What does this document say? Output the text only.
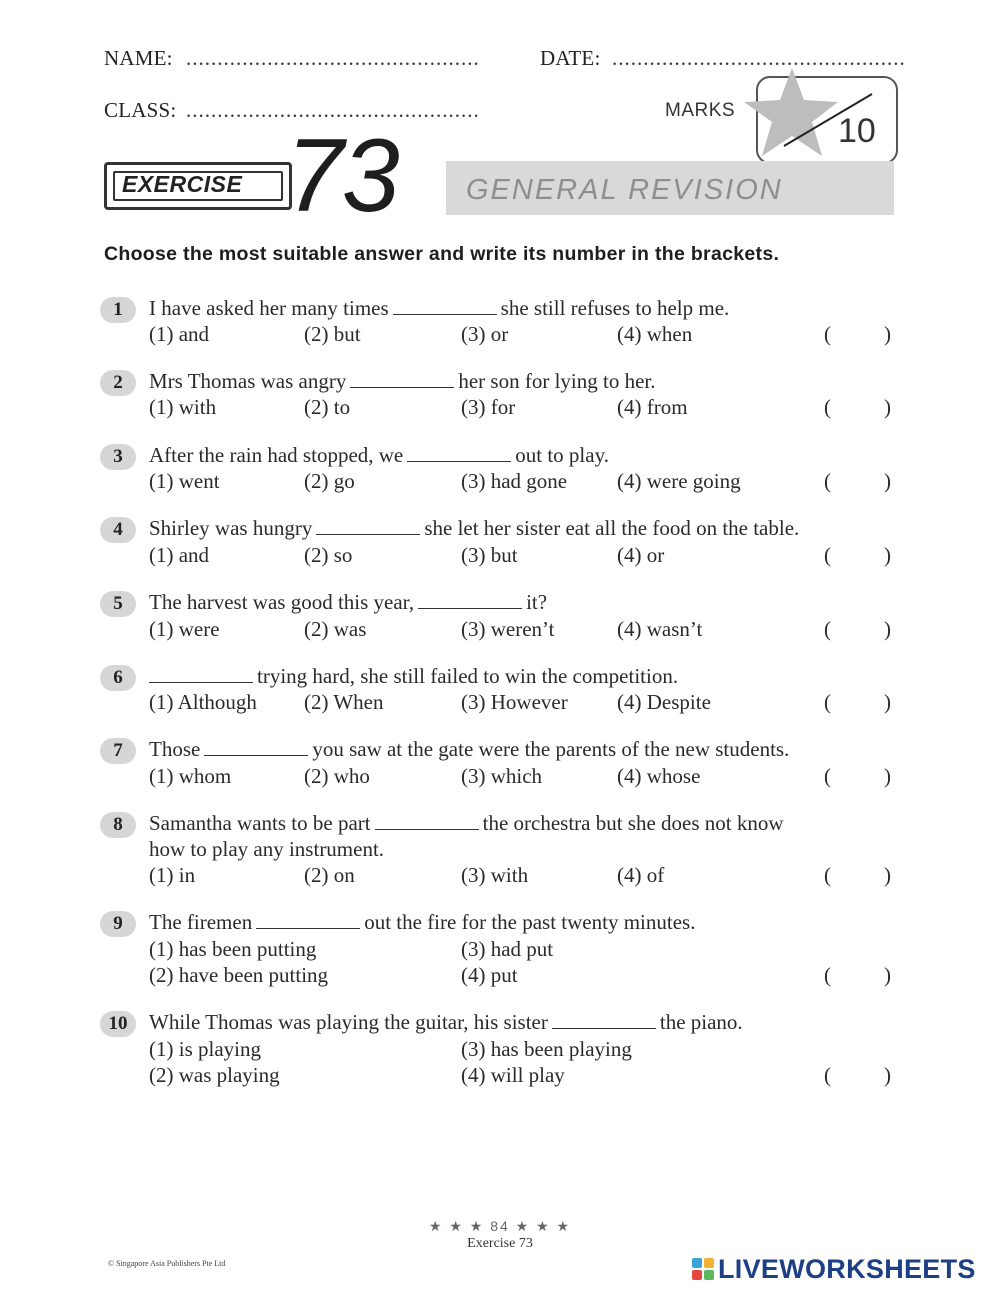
NAME: ...............................................	DATE: ...............................................
CLASS: ...............................................	MARKS
10
EXERCISE 73 GENERAL REVISION
Choose the most suitable answer and write its number in the brackets.
1	I have asked her many times	she still refuses to help me.
(1) and	(2) but	(3) or	(4) when	(	)
2	Mrs Thomas was angry	her son for lying to her.
(1) with	(2) to	(3) for	(4) from	(	)
3	After the rain had stopped, we	out to play.
(1) went	(2) go	(3) had gone (4) were going	(	)
4	Shirley was hungry	she let her sister eat all the food on the table.
(1) and	(2) so	(3) but	(4) or	(	)
5	The harvest was good this year,	it?
(1) were	(2) was	(3) weren’t	(4) wasn’t	(	)
6	trying hard, she still failed to win the competition.
(1) Although (2) When	(3) However (4) Despite	(	)
7	Those	you saw at the gate were the parents of the new students.
(1) whom	(2) who	(3) which	(4) whose	(	)
8	Samantha wants to be part	the orchestra but she does not know
how to play any instrument.
(1) in	(2) on	(3) with	(4) of	(	)
9	The firemen	out the fire for the past twenty minutes.
(1) has been putting
(2) have been putting
(3) had put
(4) put	(	)
10	While Thomas was playing the guitar, his sister	the piano.
(1) is playing
(2) was playing
(3) has been playing
(4) will play	(	)
★ ★ ★ 84 ★ ★ ★
Exercise 73
© Singapore Asia Publishers Pte Ltd	LIVEWORKSHEETS
